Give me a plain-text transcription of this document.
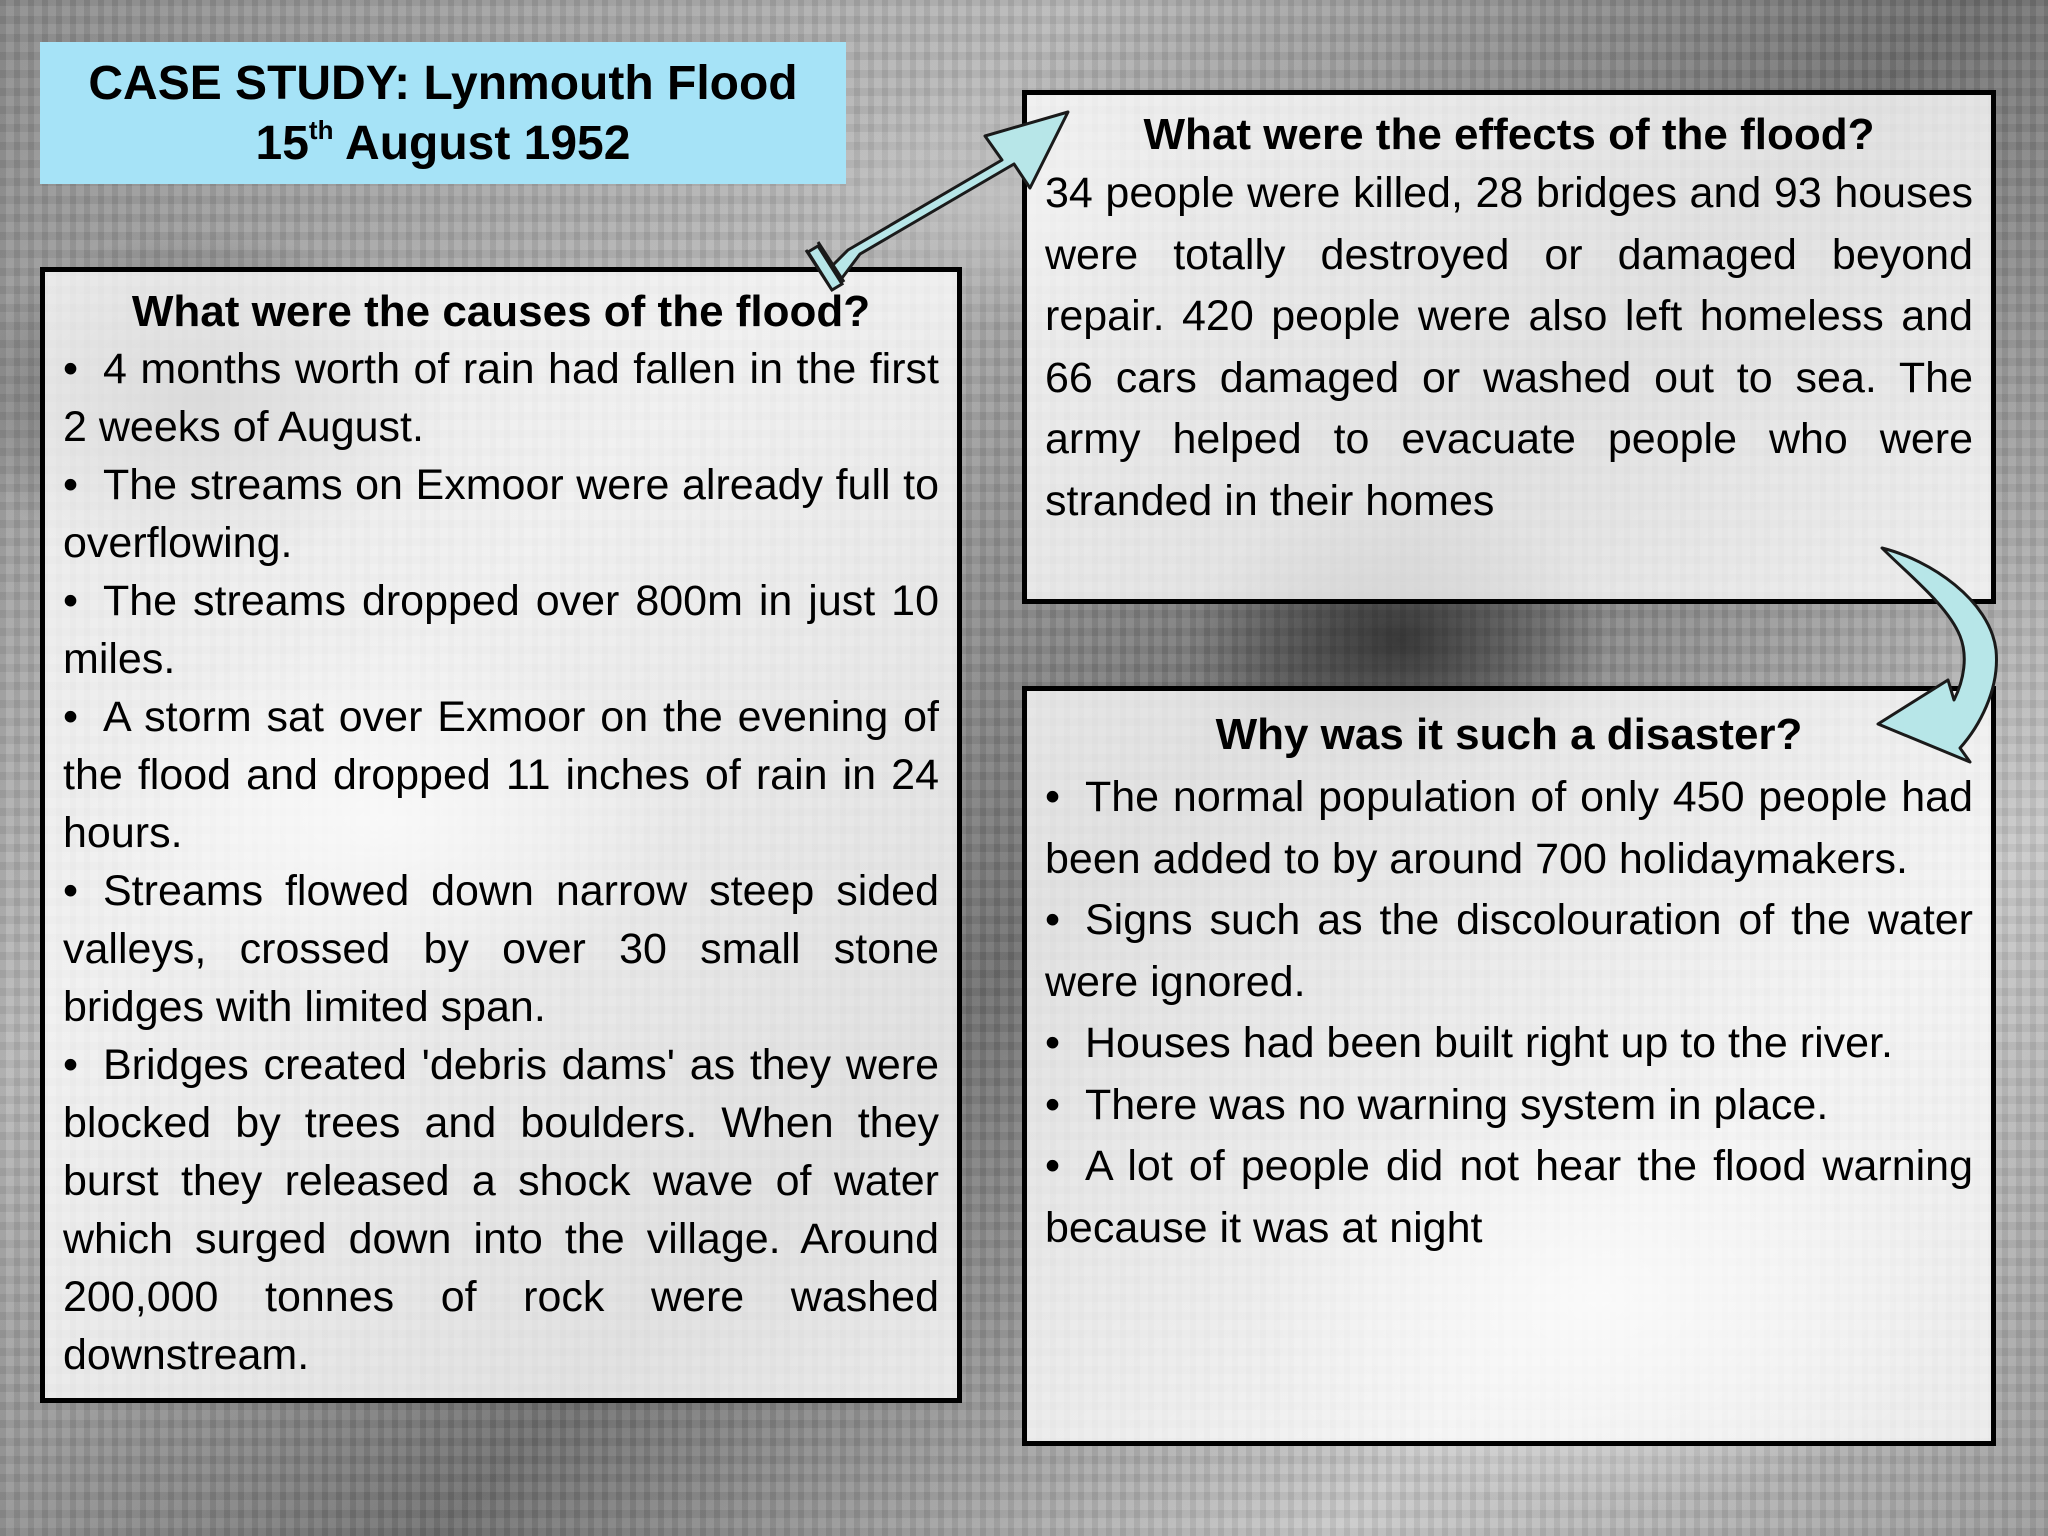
CASE STUDY: Lynmouth Flood
15th August 1952
What were the causes of the flood?
• 4 months worth of rain had fallen in the first 2 weeks of August.
• The streams on Exmoor were already full to overflowing.
• The streams dropped over 800m in just 10 miles.
• A storm sat over Exmoor on the evening of the flood and dropped 11 inches of rain in 24 hours.
• Streams flowed down narrow steep sided valleys, crossed by over 30 small stone bridges with limited span.
• Bridges created 'debris dams' as they were blocked by trees and boulders. When they burst they released a shock wave of water which surged down into the village. Around 200,000 tonnes of rock were washed downstream.
What were the effects of the flood?

34 people were killed, 28 bridges and 93 houses were totally destroyed or damaged beyond repair. 420 people were also left homeless and 66 cars damaged or washed out to sea. The army helped to evacuate people who were stranded in their homes

Why was it such a disaster?
• The normal population of only 450 people had been added to by around 700 holidaymakers.
• Signs such as the discolouration of the water were ignored.
• Houses had been built right up to the river.
• There was no warning system in place.
• A lot of people did not hear the flood warning because it was at night
